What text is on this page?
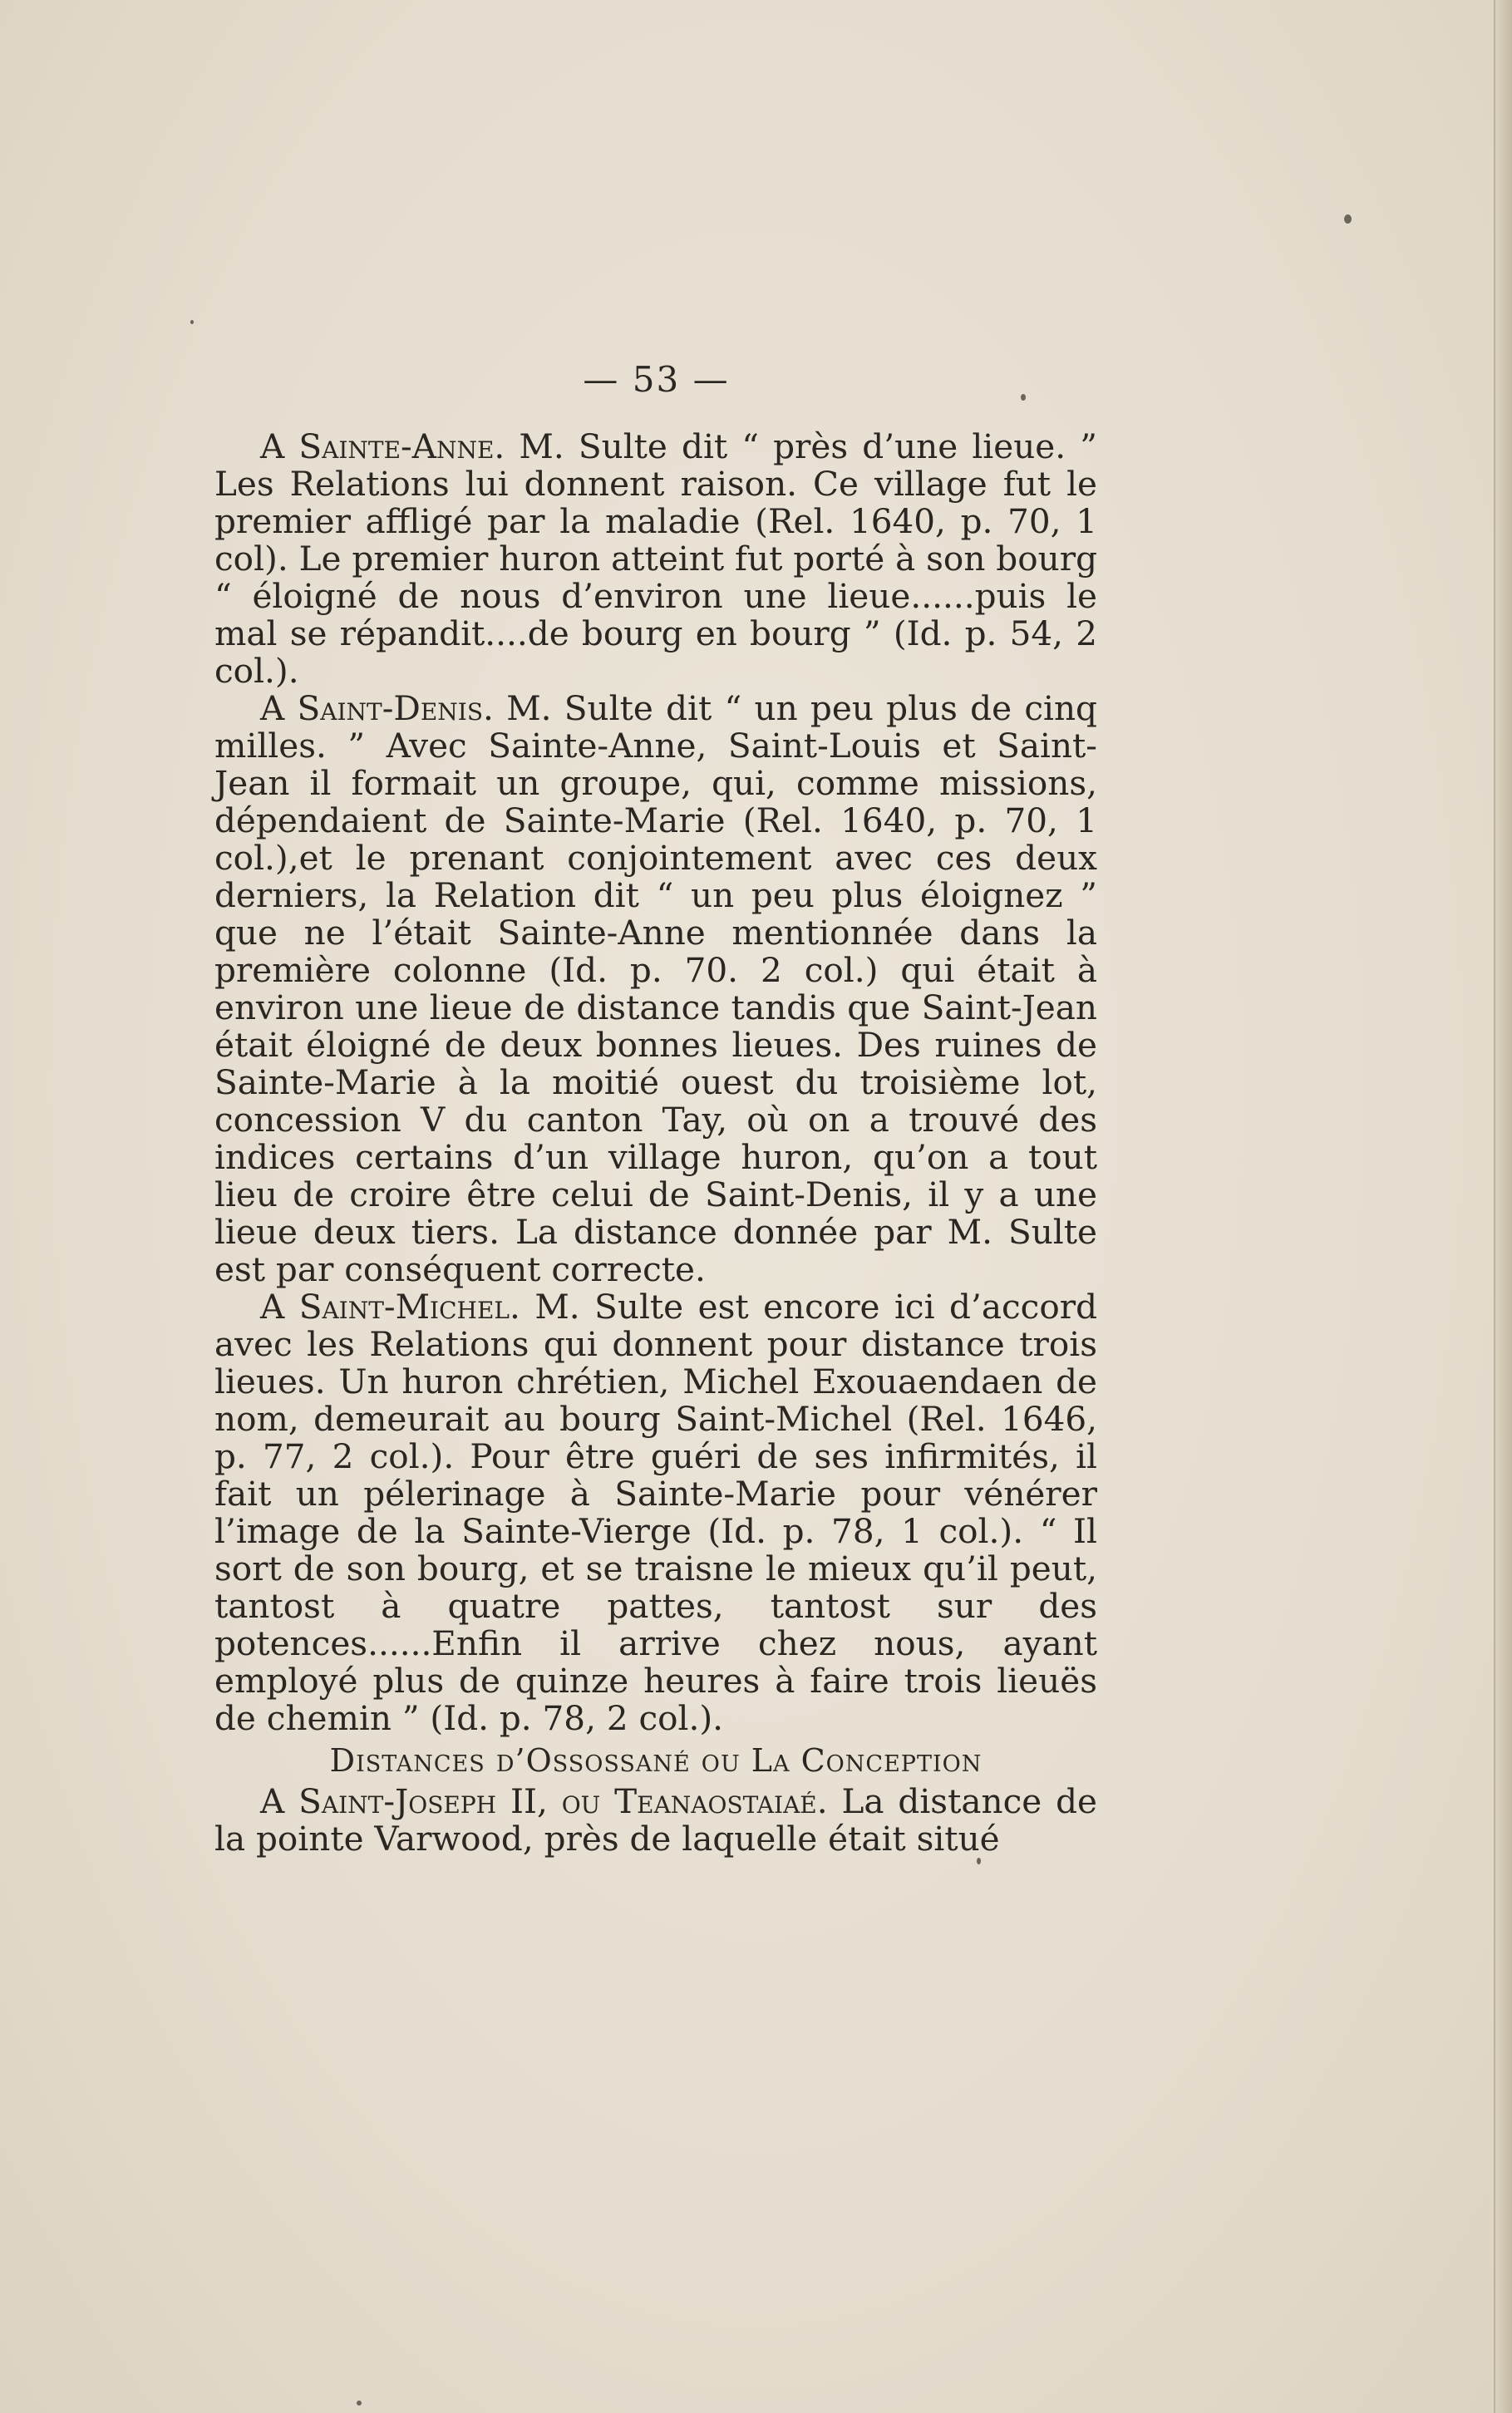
— 53 —

A Sainte-Anne. M. Sulte dit “ près d’une lieue. ” Les Relations lui donnent raison. Ce village fut le premier affligé par la maladie (Rel. 1640, p. 70, 1 col). Le premier huron atteint fut porté à son bourg “ éloigné de nous d’environ une lieue......puis le mal se répandit....de bourg en bourg ” (Id. p. 54, 2 col.).

A Saint-Denis. M. Sulte dit “ un peu plus de cinq milles. ” Avec Sainte-Anne, Saint-Louis et Saint-Jean il formait un groupe, qui, comme missions, dépendaient de Sainte-Marie (Rel. 1640, p. 70, 1 col.),et le prenant conjointement avec ces deux derniers, la Relation dit “ un peu plus éloignez ” que ne l’était Sainte-Anne mentionnée dans la première colonne (Id. p. 70. 2 col.) qui était à environ une lieue de distance tandis que Saint-Jean était éloigné de deux bonnes lieues. Des ruines de Sainte-Marie à la moitié ouest du troisième lot, concession V du canton Tay, où on a trouvé des indices certains d’un village huron, qu’on a tout lieu de croire être celui de Saint-Denis, il y a une lieue deux tiers. La distance donnée par M. Sulte est par conséquent correcte.

A Saint-Michel. M. Sulte est encore ici d’accord avec les Relations qui donnent pour distance trois lieues. Un huron chrétien, Michel Exouaendaen de nom, demeurait au bourg Saint-Michel (Rel. 1646, p. 77, 2 col.). Pour être guéri de ses infirmités, il fait un pélerinage à Sainte-Marie pour vénérer l’image de la Sainte-Vierge (Id. p. 78, 1 col.). “ Il sort de son bourg, et se traisne le mieux qu’il peut, tantost à quatre pattes, tantost sur des potences......Enfin il arrive chez nous, ayant employé plus de quinze heures à faire trois lieuës de chemin ” (Id. p. 78, 2 col.).

Distances d’Ossossané ou La Conception

A Saint-Joseph II, ou Teanaostaiaé. La distance de la pointe Varwood, près de laquelle était situé
